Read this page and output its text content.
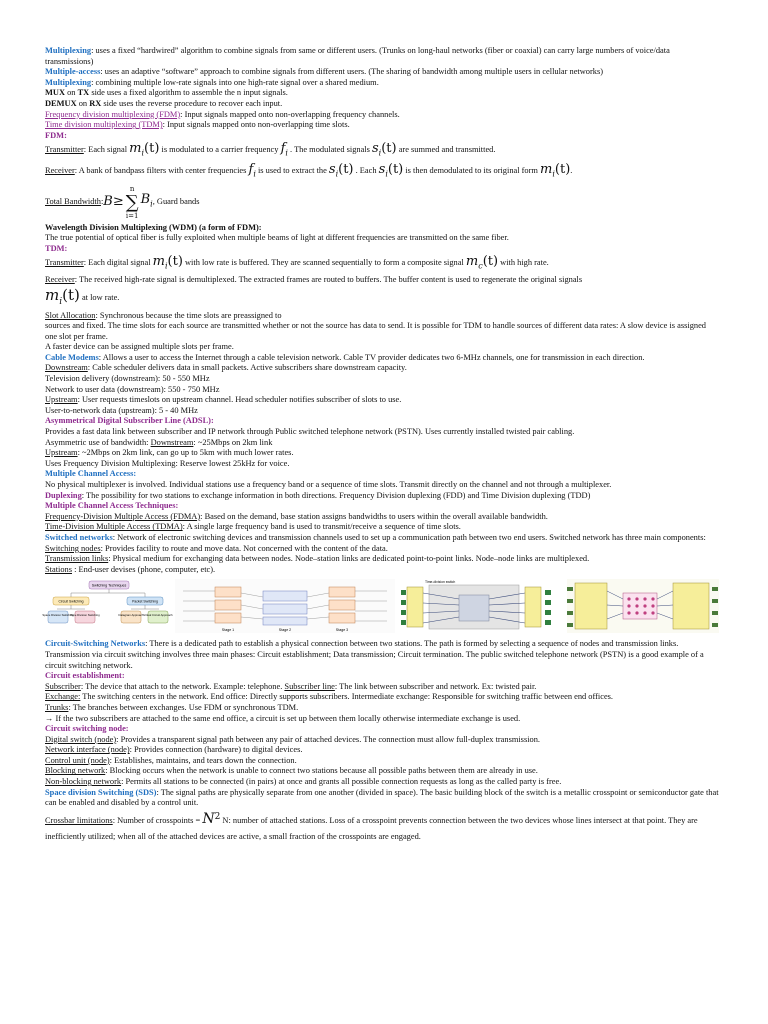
Multiplexing: uses a fixed “hardwired” algorithm to combine signals from same or different users. (Trunks on long-haul networks (fiber or coaxial) can carry large numbers of voice/data transmissions)
Multiple-access: uses an adaptive “software” approach to combine signals from different users. (The sharing of bandwidth among multiple users in cellular networks)
Multiplexing: combining multiple low-rate signals into one high-rate signal over a shared medium.
MUX on TX side uses a fixed algorithm to assemble the n input signals.
DEMUX on RX side uses the reverse procedure to recover each input.
Frequency division multiplexing (FDM): Input signals mapped onto non-overlapping frequency channels.
Time division multiplexing (TDM): Input signals mapped onto non-overlapping time slots.
FDM:
Transmitter: Each signal $m_i(t)$ is modulated to a carrier frequency $f_i$ . The modulated signals $s_i(t)$ are summed and transmitted.
Receiver: A bank of bandpass filters with center frequencies $f_i$ is used to extract the $s_i(t)$ . Each $s_i(t)$ is then demodulated to its original form $m_i(t)$.
Total Bandwidth : B ≥
n
∑
i=1
$B_i$ , Guard bands
Wavelength Division Multiplexing (WDM) (a form of FDM):
The true potential of optical fiber is fully exploited when multiple beams of light at different frequencies are transmitted on the same fiber.
TDM:
Transmitter: Each digital signal $m_i(t)$ with low rate is buffered. They are scanned sequentially to form a composite signal $m_c(t)$ with high rate.
Receiver: The received high-rate signal is demultiplexed. The extracted frames are routed to buffers. The buffer content is used to regenerate the original signals
$m_i(t)$ at low rate.
Slot Allocation: Synchronous because the time slots are preassigned to
sources and fixed. The time slots for each source are transmitted whether or not the source has data to send. It is possible for TDM to handle sources of different data rates: A slow device is assigned one slot per frame.
A faster device can be assigned multiple slots per frame.
Cable Modems: Allows a user to access the Internet through a cable television network. Cable TV provider dedicates two 6-MHz channels, one for transmission in each direction.
Downstream: Cable scheduler delivers data in small packets. Active subscribers share downstream capacity.
Television delivery (downstream): 50 - 550 MHz
Network to user data (downstream): 550 - 750 MHz
Upstream: User requests timeslots on upstream channel. Head scheduler notifies subscriber of slots to use.
User-to-network data (upstream): 5 - 40 MHz
Asymmetrical Digital Subscriber Line (ADSL):
Provides a fast data link between subscriber and IP network through Public switched telephone network (PSTN). Uses currently installed twisted pair cabling.
Asymmetric use of bandwidth: Downstream: ~25Mbps on 2km link
Upstream: ~2Mbps on 2km link, can go up to 5km with much lower rates.
Uses Frequency Division Multiplexing: Reserve lowest 25kHz for voice.
Multiple Channel Access:
No physical multiplexer is involved. Individual stations use a frequency band or a sequence of time slots. Transmit directly on the channel and not through a multiplexer.
Duplexing: The possibility for two stations to exchange information in both directions. Frequency Division duplexing (FDD) and Time Division duplexing (TDD)
Multiple Channel Access Techniques:
Frequency-Division Multiple Access (FDMA): Based on the demand, base station assigns bandwidths to users within the overall available bandwidth.
Time-Division Multiple Access (TDMA): A single large frequency band is used to transmit/receive a sequence of time slots.
Switched networks: Network of electronic switching devices and transmission channels used to set up a communication path between two end users. Switched network has three main components:
Switching nodes: Provides facility to route and move data. Not concerned with the content of the data.
Transmission links: Physical medium for exchanging data between nodes. Node–station links are dedicated point-to-point links. Node–node links are multiplexed.
Stations : End-user devises (phone, computer, etc).
Switching Techniques
Circuit Switching	Packet Switching
Space Division Switching
Time Division Switching	Datagram Approach Virtual Circuit Approach
Stage 1	Stage 2	Stage 3
Time-division switch
Circuit-Switching Networks: There is a dedicated path to establish a physical connection between two stations. The path is formed by selecting a sequence of nodes and transmission links. Transmission via circuit switching involves three main phases: Circuit establishment; Data transmission; Circuit termination. The public switched telephone network (PSTN) is a good example of a circuit switching network.
Circuit establishment:
Subscriber: The device that attach to the network. Example: telephone. Subscriber line: The link between subscriber and network. Ex: twisted pair.
Exchange: The switching centers in the network. End office: Directly supports subscribers. Intermediate exchange: Responsible for switching traffic between end offices.
Trunks: The branches between exchanges. Use FDM or synchronous TDM.
→ If the two subscribers are attached to the same end office, a circuit is set up between them locally otherwise intermediate exchange is used.
Circuit switching node:
Digital switch (node): Provides a transparent signal path between any pair of attached devices. The connection must allow full-duplex transmission.
Network interface (node): Provides connection (hardware) to digital devices.
Control unit (node): Establishes, maintains, and tears down the connection.
Blocking network: Blocking occurs when the network is unable to connect two stations because all possible paths between them are already in use.
Non-blocking network: Permits all stations to be connected (in pairs) at once and grants all possible connection requests as long as the called party is free.
Space division Switching (SDS): The signal paths are physically separate from one another (divided in space). The basic building block of the switch is a metallic crosspoint or semiconductor gate that can be enabled and disabled by a control unit.
Crossbar limitations: Number of crosspoints = $N^2$ N: number of attached stations. Loss of a crosspoint prevents connection between the two devices whose lines intersect at that point. They are inefficiently utilized; when all of the attached devices are active, a small fraction of the crosspoints are engaged.
